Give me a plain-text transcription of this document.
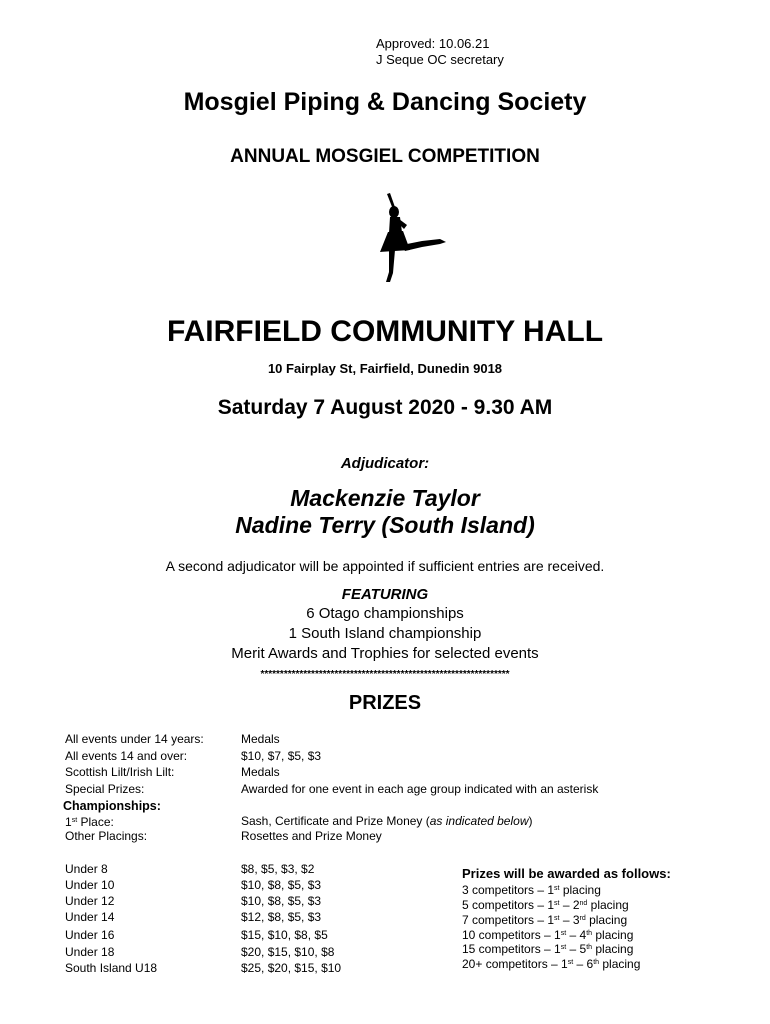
Approved: 10.06.21
J Seque OC secretary
Mosgiel Piping & Dancing Society
ANNUAL MOSGIEL COMPETITION
FAIRFIELD COMMUNITY HALL
10 Fairplay St, Fairfield, Dunedin 9018
Saturday 7 August 2020 - 9.30 AM
Adjudicator:
Mackenzie Taylor
Nadine Terry (South Island)
A second adjudicator will be appointed if sufficient entries are received.
FEATURING
6 Otago championships
1 South Island championship
Merit Awards and Trophies for selected events
****************************************************************
PRIZES
All events under 14 years:	Medals
All events 14 and over:	$10, $7, $5, $3
Scottish Lilt/Irish Lilt:	Medals
Special Prizes:	Awarded for one event in each age group indicated with an asterisk
Championships:
1st Place:	Sash, Certificate and Prize Money (as indicated below)
Other Placings:	Rosettes and Prize Money
Under 8	$8, $5, $3, $2
Under 10	$10, $8, $5, $3
Under 12	$10, $8, $5, $3
Under 14	$12, $8, $5, $3
Under 16	$15, $10, $8, $5
Under 18	$20, $15, $10, $8
South Island U18	$25, $20, $15, $10
Prizes will be awarded as follows:
3 competitors – 1st placing
5 competitors – 1st – 2nd placing
7 competitors – 1st – 3rd placing
10 competitors – 1st – 4th placing
15 competitors – 1st – 5th placing
20+ competitors – 1st – 6th placing
